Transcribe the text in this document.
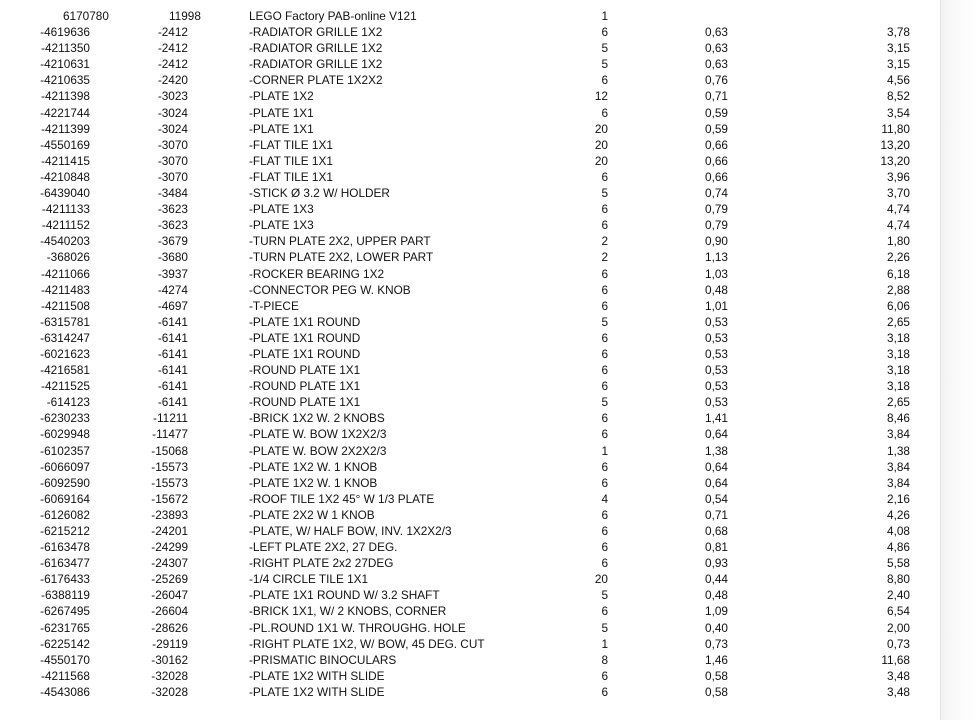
6170780	11998	LEGO Factory PAB-online V121	1
-4619636	-2412	-RADIATOR GRILLE 1X2	6	0,63	3,78
-4211350	-2412	-RADIATOR GRILLE 1X2	5	0,63	3,15
-4210631	-2412	-RADIATOR GRILLE 1X2	5	0,63	3,15
-4210635	-2420	-CORNER PLATE 1X2X2	6	0,76	4,56
-4211398	-3023	-PLATE 1X2	12	0,71	8,52
-4221744	-3024	-PLATE 1X1	6	0,59	3,54
-4211399	-3024	-PLATE 1X1	20	0,59	11,80
-4550169	-3070	-FLAT TILE 1X1	20	0,66	13,20
-4211415	-3070	-FLAT TILE 1X1	20	0,66	13,20
-4210848	-3070	-FLAT TILE 1X1	6	0,66	3,96
-6439040	-3484	-STICK Ø 3.2 W/ HOLDER	5	0,74	3,70
-4211133	-3623	-PLATE 1X3	6	0,79	4,74
-4211152	-3623	-PLATE 1X3	6	0,79	4,74
-4540203	-3679	-TURN PLATE 2X2, UPPER PART	2	0,90	1,80
-368026	-3680	-TURN PLATE 2X2, LOWER PART	2	1,13	2,26
-4211066	-3937	-ROCKER BEARING 1X2	6	1,03	6,18
-4211483	-4274	-CONNECTOR PEG W. KNOB	6	0,48	2,88
-4211508	-4697	-T-PIECE	6	1,01	6,06
-6315781	-6141	-PLATE 1X1 ROUND	5	0,53	2,65
-6314247	-6141	-PLATE 1X1 ROUND	6	0,53	3,18
-6021623	-6141	-PLATE 1X1 ROUND	6	0,53	3,18
-4216581	-6141	-ROUND PLATE 1X1	6	0,53	3,18
-4211525	-6141	-ROUND PLATE 1X1	6	0,53	3,18
-614123	-6141	-ROUND PLATE 1X1	5	0,53	2,65
-6230233	-11211	-BRICK 1X2 W. 2 KNOBS	6	1,41	8,46
-6029948	-11477	-PLATE W. BOW 1X2X2/3	6	0,64	3,84
-6102357	-15068	-PLATE W. BOW 2X2X2/3	1	1,38	1,38
-6066097	-15573	-PLATE 1X2 W. 1 KNOB	6	0,64	3,84
-6092590	-15573	-PLATE 1X2 W. 1 KNOB	6	0,64	3,84
-6069164	-15672	-ROOF TILE 1X2 45° W 1/3 PLATE	4	0,54	2,16
-6126082	-23893	-PLATE 2X2 W 1 KNOB	6	0,71	4,26
-6215212	-24201	-PLATE, W/ HALF BOW, INV. 1X2X2/3	6	0,68	4,08
-6163478	-24299	-LEFT PLATE 2X2, 27 DEG.	6	0,81	4,86
-6163477	-24307	-RIGHT PLATE 2x2 27DEG	6	0,93	5,58
-6176433	-25269	-1/4 CIRCLE TILE 1X1	20	0,44	8,80
-6388119	-26047	-PLATE 1X1 ROUND W/ 3.2 SHAFT	5	0,48	2,40
-6267495	-26604	-BRICK 1X1, W/ 2 KNOBS, CORNER	6	1,09	6,54
-6231765	-28626	-PL.ROUND 1X1 W. THROUGHG. HOLE	5	0,40	2,00
-6225142	-29119	-RIGHT PLATE 1X2, W/ BOW, 45 DEG. CUT	1	0,73	0,73
-4550170	-30162	-PRISMATIC BINOCULARS	8	1,46	11,68
-4211568	-32028	-PLATE 1X2 WITH SLIDE	6	0,58	3,48
-4543086	-32028	-PLATE 1X2 WITH SLIDE	6	0,58	3,48
